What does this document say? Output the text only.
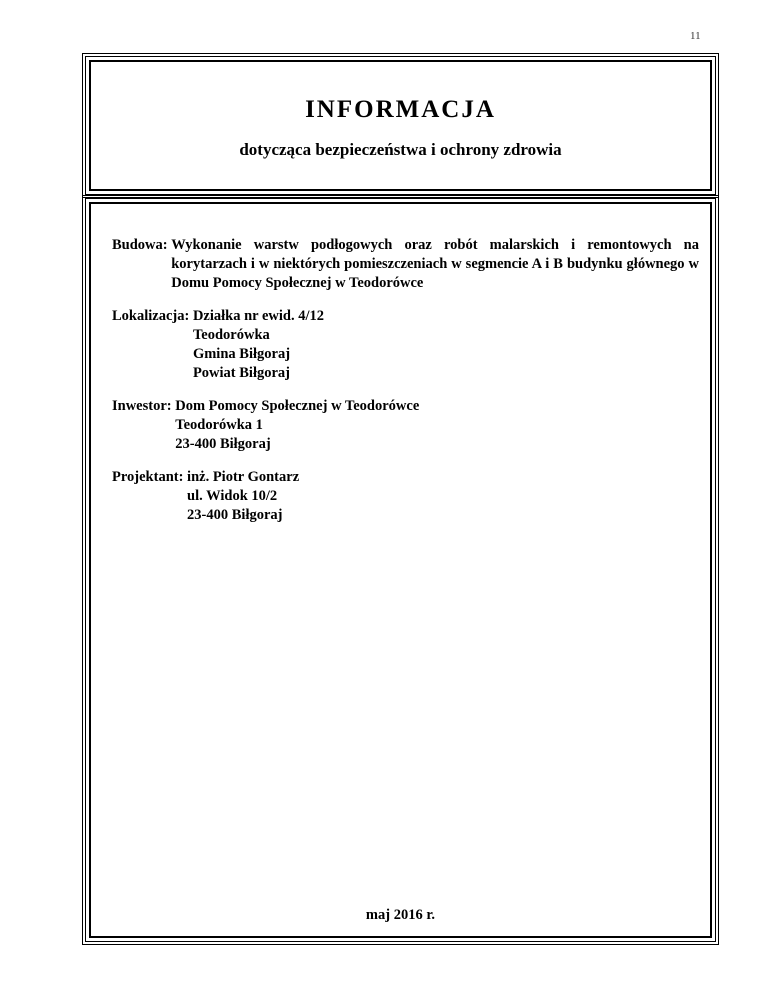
11
INFORMACJA
dotycząca bezpieczeństwa i ochrony zdrowia
Budowa: Wykonanie warstw podłogowych oraz robót malarskich i remontowych na korytarzach i w niektórych pomieszczeniach w segmencie A i B budynku głównego w Domu Pomocy Społecznej w Teodorówce
Lokalizacja: Działka nr ewid. 4/12
Teodorówka
Gmina Biłgoraj
Powiat Biłgoraj
Inwestor: Dom Pomocy Społecznej w Teodorówce
Teodorówka 1
23-400 Biłgoraj
Projektant: inż. Piotr Gontarz
ul. Widok 10/2
23-400 Biłgoraj
maj 2016 r.
